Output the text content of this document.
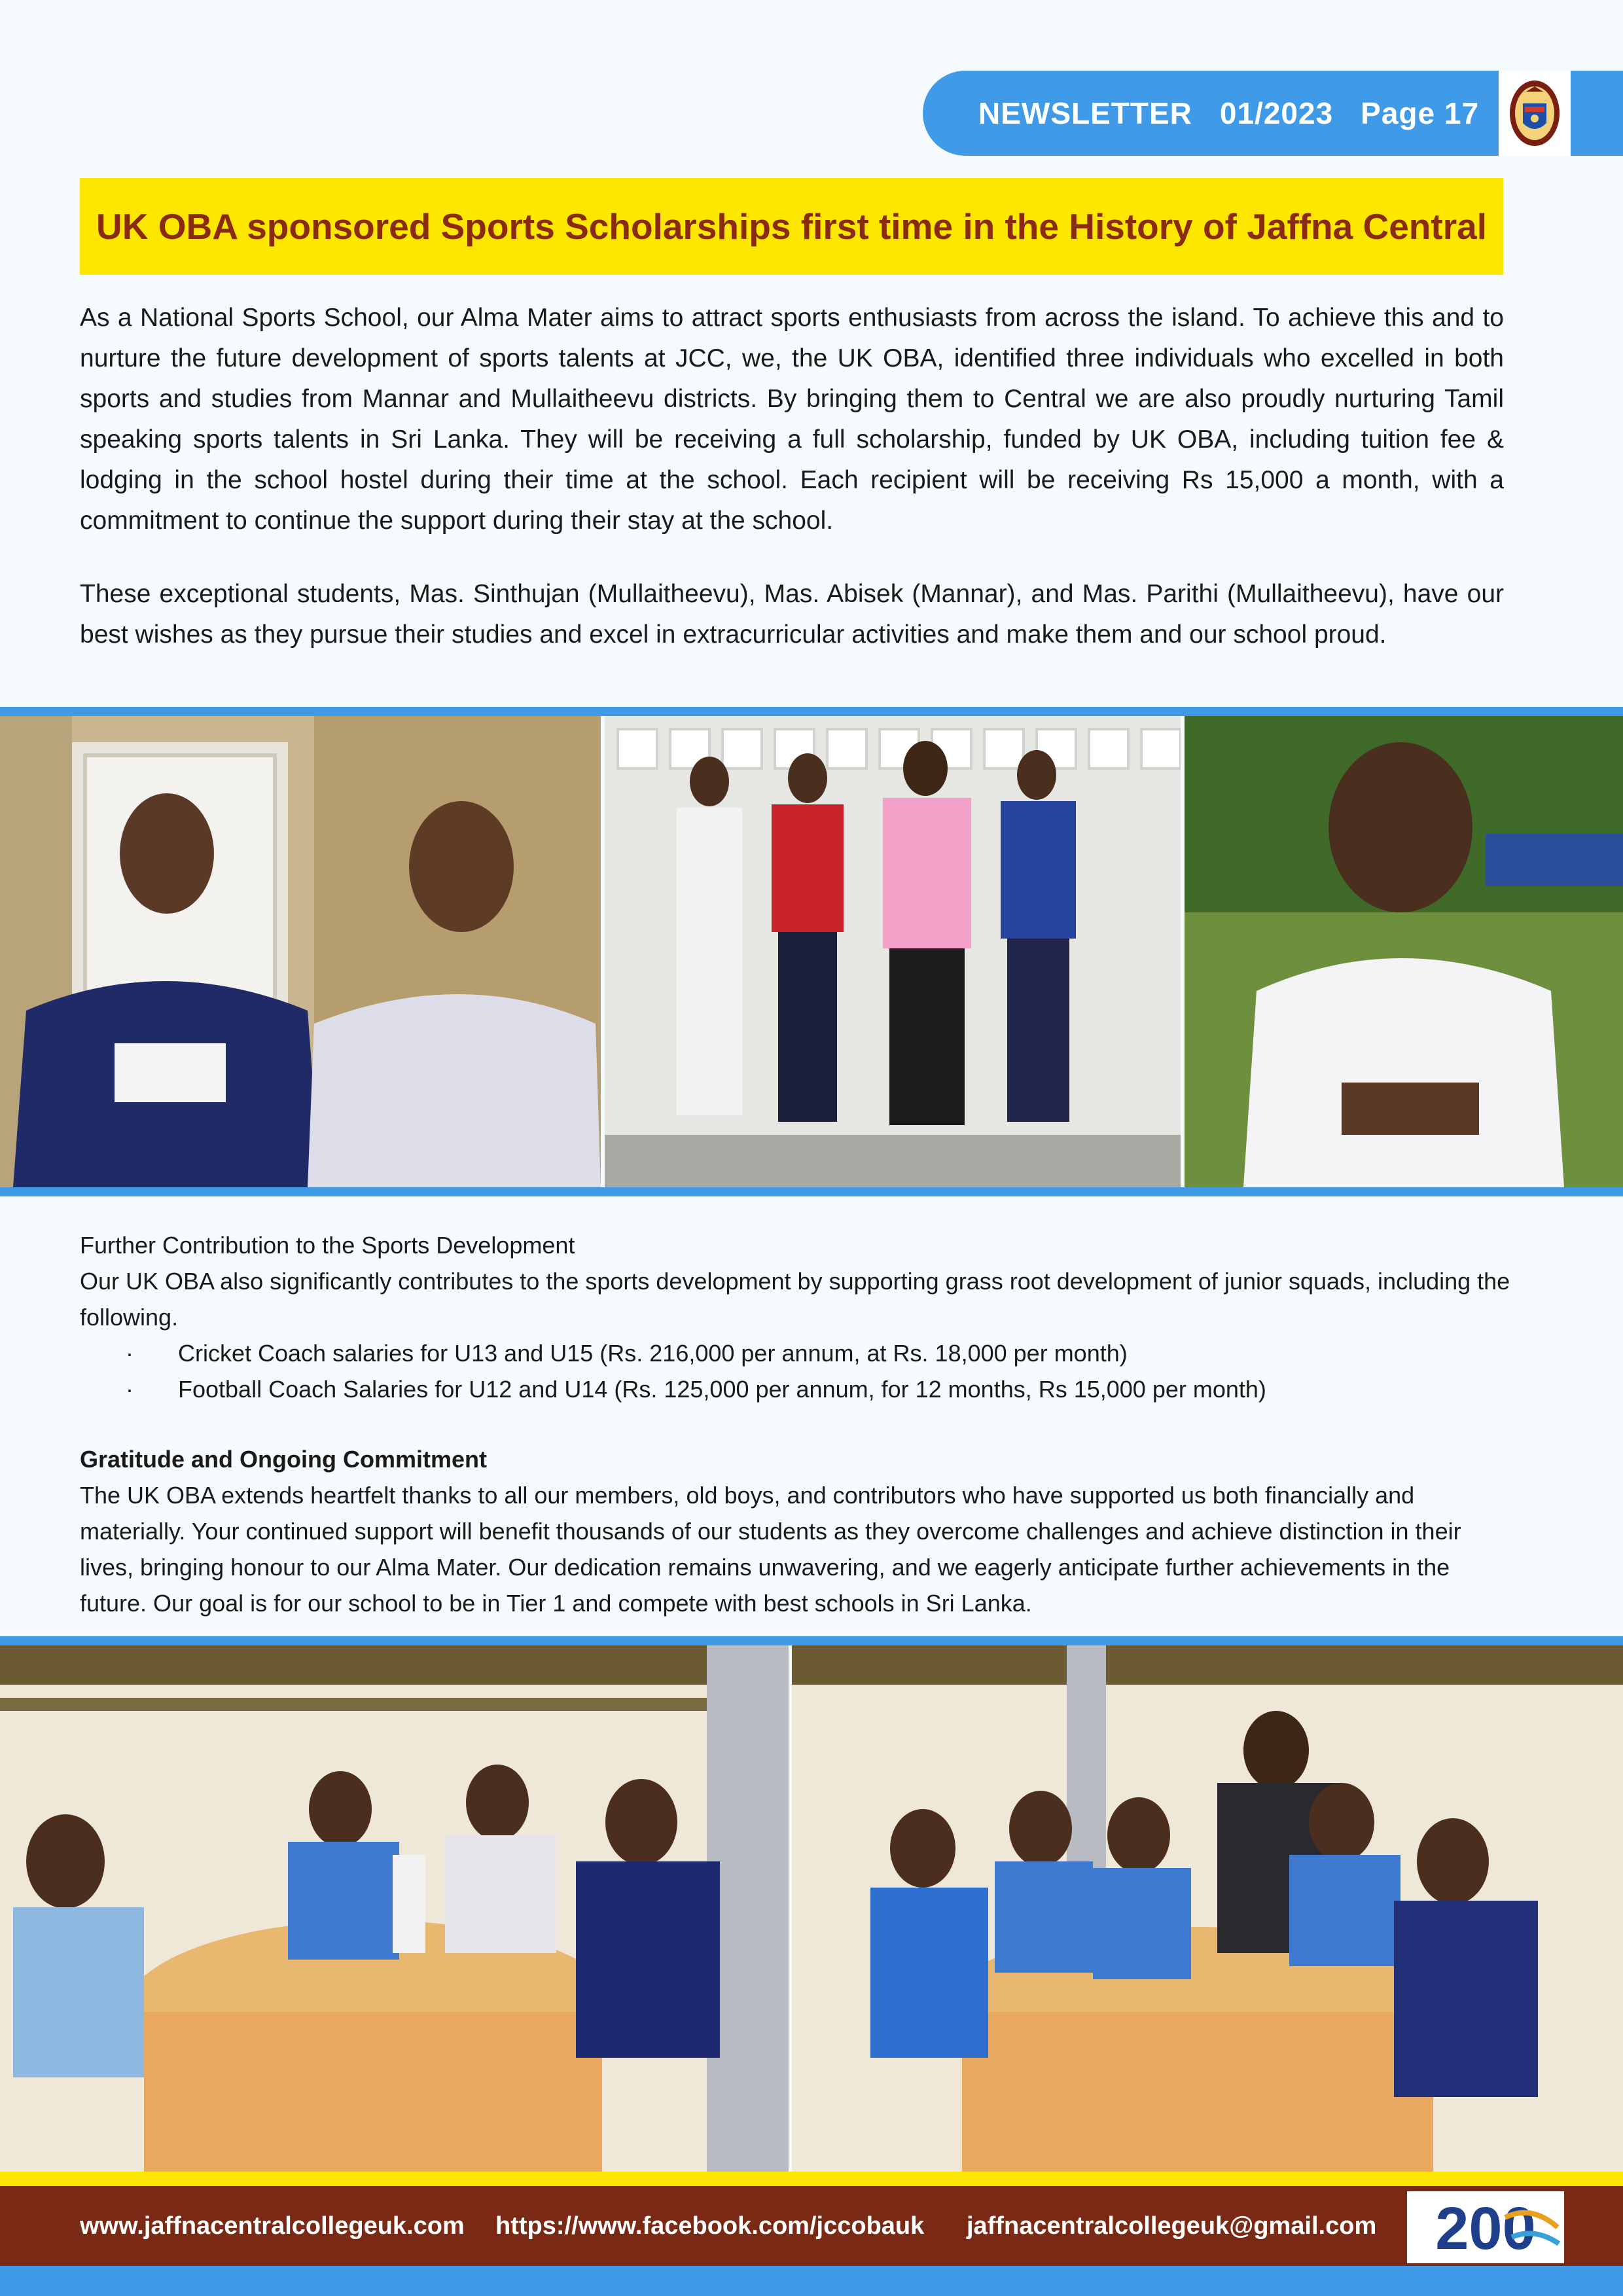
NEWSLETTER 01/2023 Page 17
UK OBA sponsored Sports Scholarships first time in the History of Jaffna Central

As a National Sports School, our Alma Mater aims to attract sports enthusiasts from across the island. To achieve this and to nurture the future development of sports talents at JCC, we, the UK OBA, identified three individuals who excelled in both sports and studies from Mannar and Mullaitheevu districts. By bringing them to Central we are also proudly nurturing Tamil speaking sports talents in Sri Lanka. They will be receiving a full scholarship, funded by UK OBA, including tuition fee & lodging in the school hostel during their time at the school. Each recipient will be receiving Rs 15,000 a month, with a commitment to continue the support during their stay at the school.

These exceptional students, Mas. Sinthujan (Mullaitheevu), Mas. Abisek (Mannar), and Mas. Parithi (Mullaitheevu), have our best wishes as they pursue their studies and excel in extracurricular activities and make them and our school proud.

Further Contribution to the Sports Development
Our UK OBA also significantly contributes to the sports development by supporting grass root development of junior squads, including the following.
· Cricket Coach salaries for U13 and U15 (Rs. 216,000 per annum, at Rs. 18,000 per month)
· Football Coach Salaries for U12 and U14 (Rs. 125,000 per annum, for 12 months, Rs 15,000 per month)
Gratitude and Ongoing Commitment
The UK OBA extends heartfelt thanks to all our members, old boys, and contributors who have supported us both financially and materially. Your continued support will benefit thousands of our students as they overcome challenges and achieve distinction in their lives, bringing honour to our Alma Mater. Our dedication remains unwavering, and we eagerly anticipate further achievements in the future. Our goal is for our school to be in Tier 1 and compete with best schools in Sri Lanka.
www.jaffnacentralcollegeuk.com https://www.facebook.com/jccobauk jaffnacentralcollegeuk@gmail.com 200
